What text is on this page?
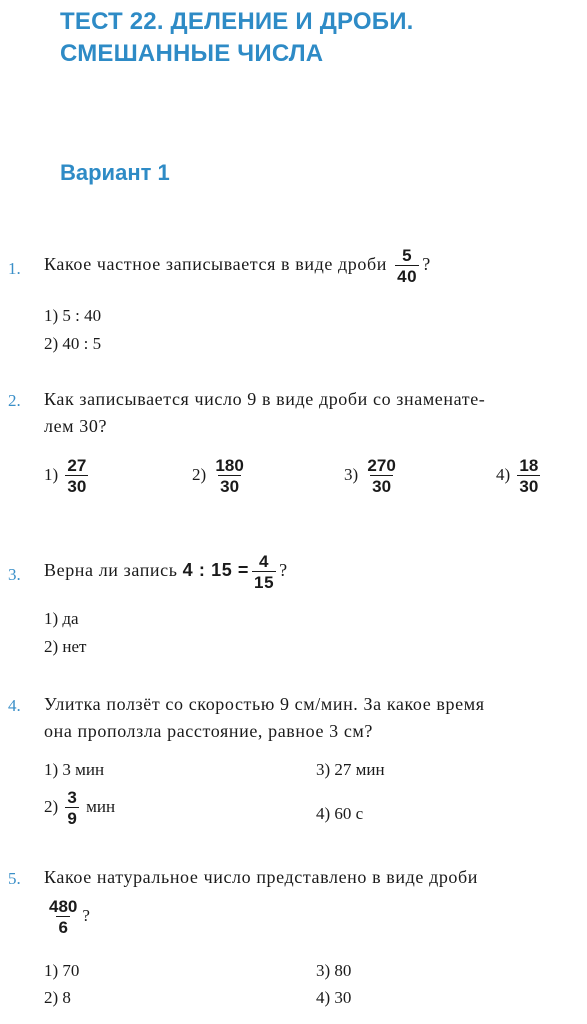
ТЕСТ 22. ДЕЛЕНИЕ И ДРОБИ.
СМЕШАННЫЕ ЧИСЛА
Вариант 1
1. Какое частное записывается в виде дроби $\frac{5}{40}$ ?
1) 5 : 40
2) 40 : 5
2. Как записывается число 9 в виде дроби со знаменате-
лем 30?
$1) \frac{27}{30}$	$2) \frac{180}{30}$	$3) \frac{270}{30}$	$4) \frac{18}{30}$
3. Верна ли запись 4 : $15 = \frac{4}{15}$ ?
1) да
2) нет
4. Улитка ползёт со скоростью 9 см/мин. За какое время
она проползла расстояние, равное 3 см?
1) 3 мин	3) 27 мин
$2) \frac{3}{9}$ мин	4) 60 с
5. Какое натуральное число представлено в виде дроби
$\frac{480}{6}$ ?
1) 70	3) 80
2) 8	4) 30
